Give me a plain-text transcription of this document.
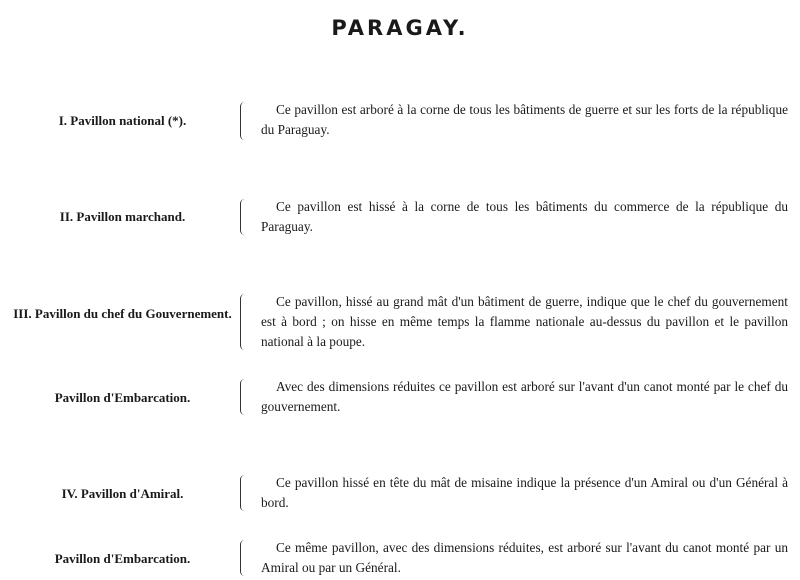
PARAGAY.
I. Pavillon national (*).
Ce pavillon est arboré à la corne de tous les bâtiments de guerre et sur les forts de la république du Paraguay.
II. Pavillon marchand.
Ce pavillon est hissé à la corne de tous les bâtiments du commerce de la république du Paraguay.
III. Pavillon du chef du Gouvernement.
Ce pavillon, hissé au grand mât d'un bâtiment de guerre, indique que le chef du gouvernement est à bord ; on hisse en même temps la flamme nationale au-dessus du pavillon et le pavillon national à la poupe.
Pavillon d'Embarcation.
Avec des dimensions réduites ce pavillon est arboré sur l'avant d'un canot monté par le chef du gouvernement.
IV. Pavillon d'Amiral.
Ce pavillon hissé en tête du mât de misaine indique la présence d'un Amiral ou d'un Général à bord.
Pavillon d'Embarcation.
Ce même pavillon, avec des dimensions réduites, est arboré sur l'avant du canot monté par un Amiral ou par un Général.
